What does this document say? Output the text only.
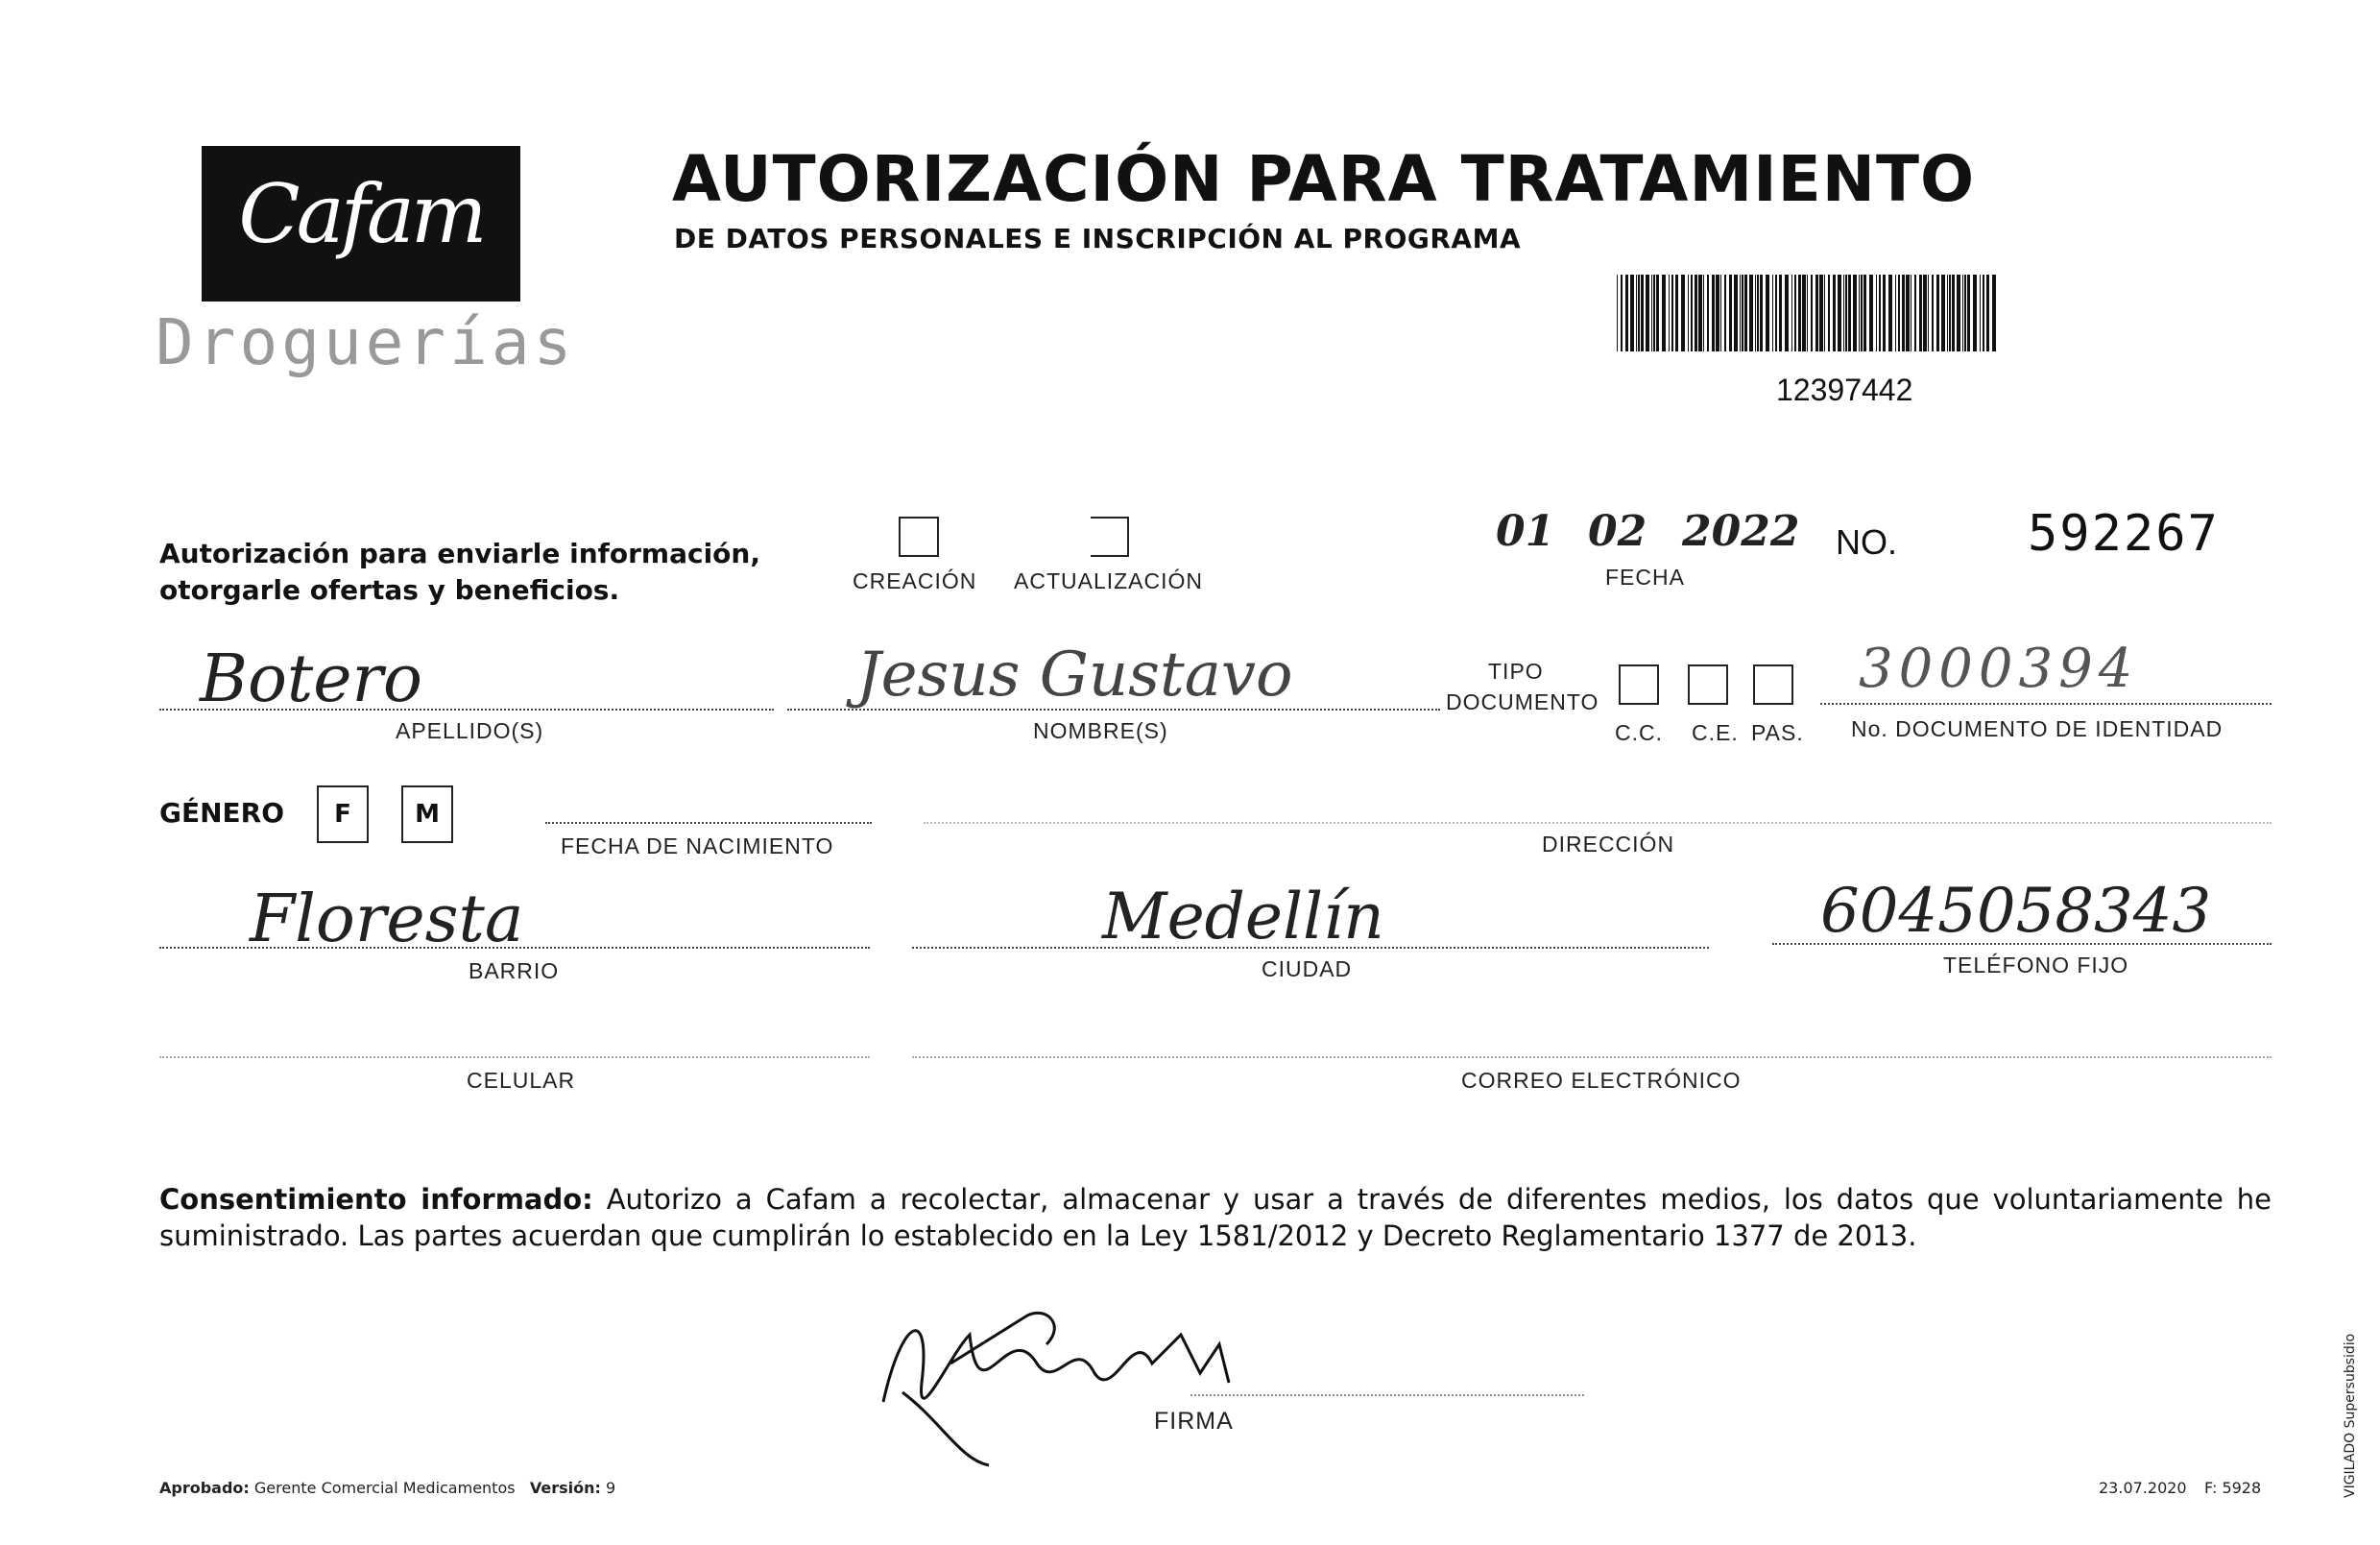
Cafam
Droguerías
AUTORIZACIÓN PARA TRATAMIENTO
DE DATOS PERSONALES E INSCRIPCIÓN AL PROGRAMA
12397442
Autorización para enviarle información,
otorgarle ofertas y beneficios.	CREACIÓN ACTUALIZACIÓN
01 02 2022
FECHA
NO.	592267
Botero
APELLIDO(S)
Jesus Gustavo
NOMBRE(S)
TIPO
DOCUMENTO
C.C. C.E. PAS.
3000394
No. DOCUMENTO DE IDENTIDAD
GÉNERO	F	M
FECHA DE NACIMIENTO	DIRECCIÓN
Floresta
BARRIO
Medellín
CIUDAD
6045058343
TELÉFONO FIJO
CELULAR	CORREO ELECTRÓNICO
Consentimiento informado: Autorizo a Cafam a recolectar, almacenar y usar a través de diferentes medios, los datos que voluntariamente he suministrado. Las partes acuerdan que cumplirán lo establecido en la Ley 1581/2012 y Decreto Reglamentario 1377 de 2013.
FIRMA
Aprobado: Gerente Comercial Medicamentos Versión: 9	23.07.2020 F: 5928	VIGILADO Supersubsidio
